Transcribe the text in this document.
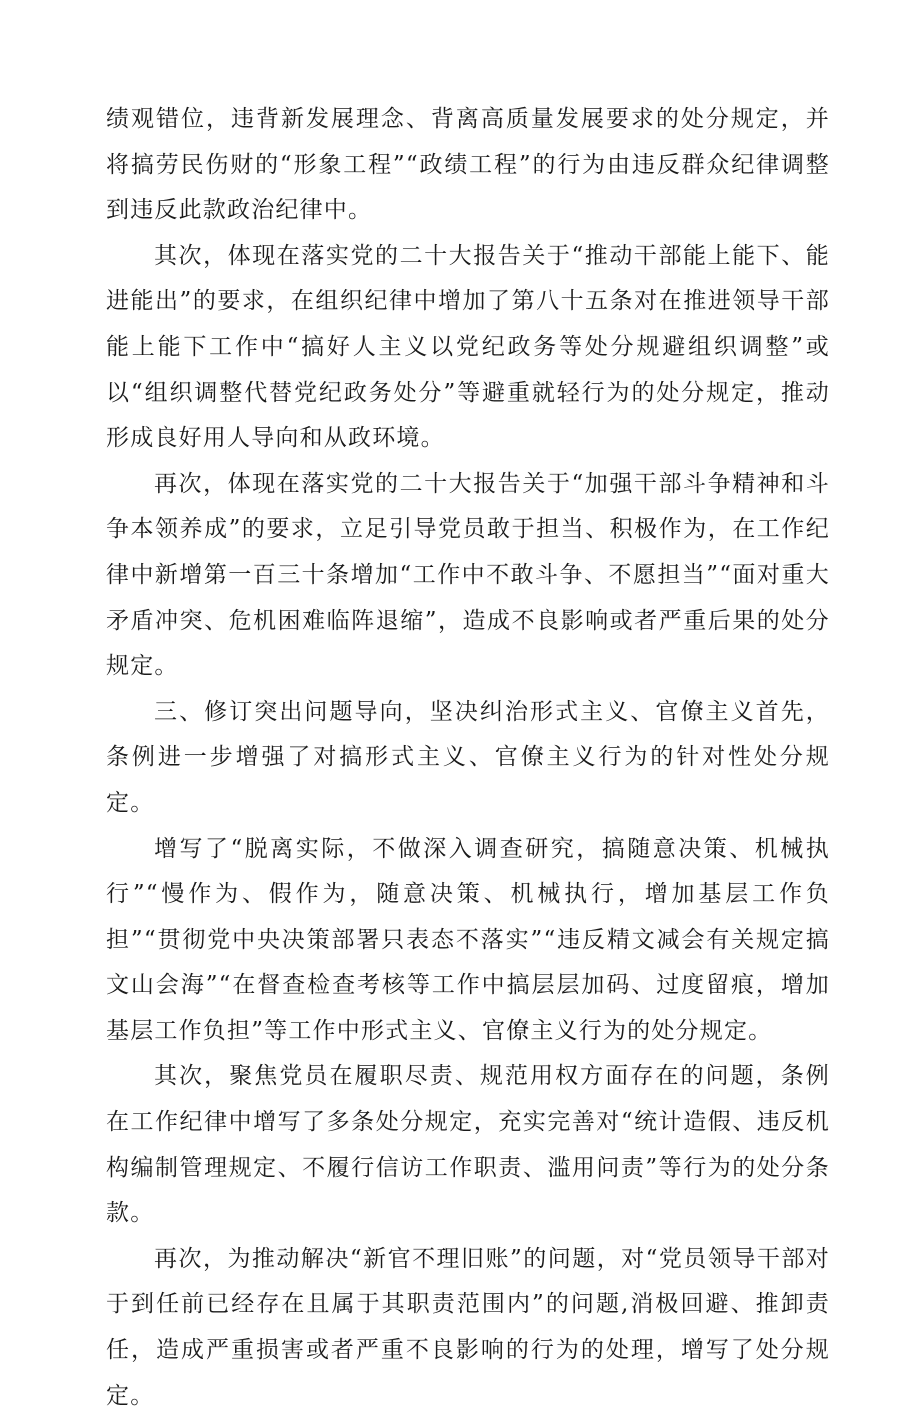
绩观错位，违背新发展理念、背离高质量发展要求的处分规定，并将搞劳民伤财的“形象工程”“政绩工程”的行为由违反群众纪律调整到违反此款政治纪律中。

其次，体现在落实党的二十大报告关于“推动干部能上能下、能进能出”的要求，在组织纪律中增加了第八十五条对在推进领导干部能上能下工作中“搞好人主义以党纪政务等处分规避组织调整”或以“组织调整代替党纪政务处分”等避重就轻行为的处分规定，推动形成良好用人导向和从政环境。

再次，体现在落实党的二十大报告关于“加强干部斗争精神和斗争本领养成”的要求，立足引导党员敢于担当、积极作为，在工作纪律中新增第一百三十条增加“工作中不敢斗争、不愿担当”“面对重大矛盾冲突、危机困难临阵退缩”，造成不良影响或者严重后果的处分规定。

三、修订突出问题导向，坚决纠治形式主义、官僚主义首先，条例进一步增强了对搞形式主义、官僚主义行为的针对性处分规定。

增写了“脱离实际，不做深入调查研究，搞随意决策、机械执行”“慢作为、假作为，随意决策、机械执行，增加基层工作负担”“贯彻党中央决策部署只表态不落实”“违反精文减会有关规定搞文山会海”“在督查检查考核等工作中搞层层加码、过度留痕，增加基层工作负担”等工作中形式主义、官僚主义行为的处分规定。

其次，聚焦党员在履职尽责、规范用权方面存在的问题，条例在工作纪律中增写了多条处分规定，充实完善对“统计造假、违反机构编制管理规定、不履行信访工作职责、滥用问责”等行为的处分条款。

再次，为推动解决“新官不理旧账”的问题，对“党员领导干部对于到任前已经存在且属于其职责范围内”的问题,消极回避、推卸责任，造成严重损害或者严重不良影响的行为的处理，增写了处分规定。
